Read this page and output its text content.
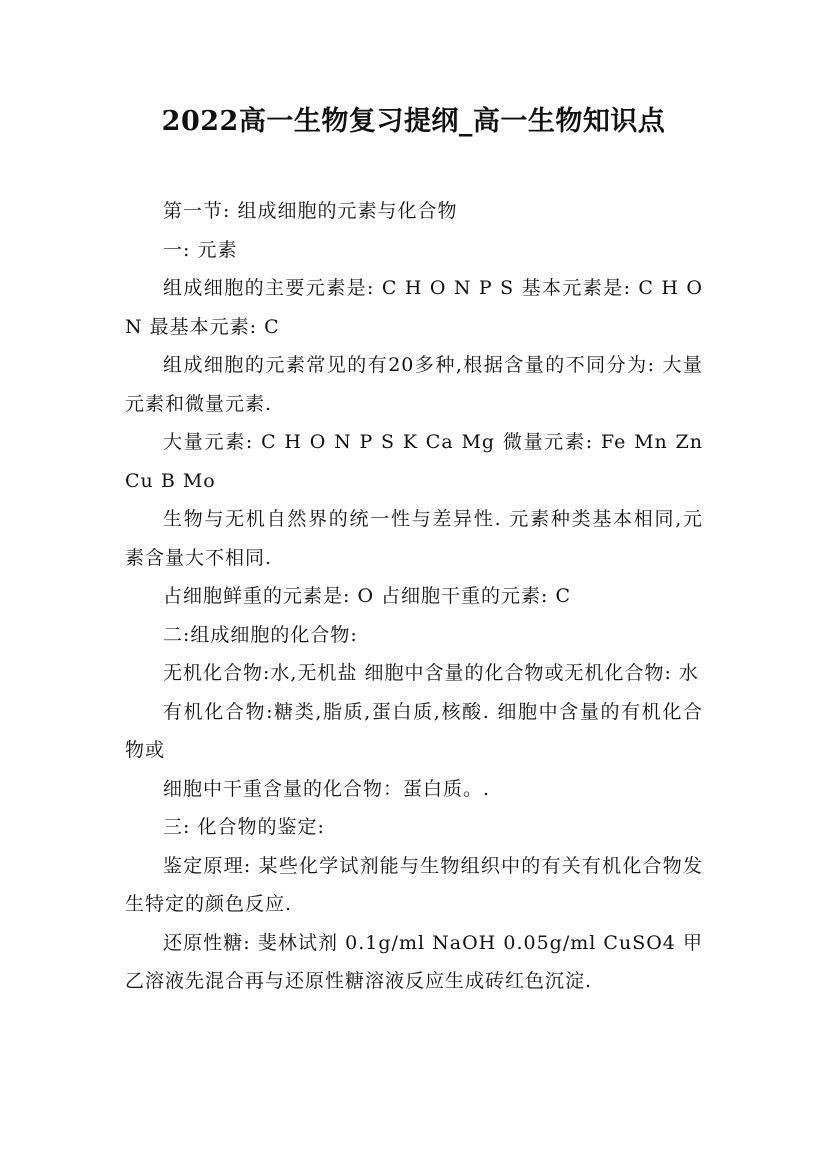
2022高一生物复习提纲_高一生物知识点

第一节: 组成细胞的元素与化合物

一: 元素

组成细胞的主要元素是: C H O N P S 基本元素是: C H O N 最基本元素: C

组成细胞的元素常见的有20多种,根据含量的不同分为: 大量元素和微量元素.

大量元素: C H O N P S K Ca Mg 微量元素: Fe Mn Zn Cu B Mo

生物与无机自然界的统一性与差异性. 元素种类基本相同,元素含量大不相同.

占细胞鲜重的元素是: O 占细胞干重的元素: C

二:组成细胞的化合物:

无机化合物:水,无机盐 细胞中含量的化合物或无机化合物: 水

有机化合物:糖类,脂质,蛋白质,核酸. 细胞中含量的有机化合物或

细胞中干重含量的化合物：蛋白质。.

三: 化合物的鉴定:

鉴定原理: 某些化学试剂能与生物组织中的有关有机化合物发生特定的颜色反应.

还原性糖: 斐林试剂 0.1g/ml NaOH 0.05g/ml CuSO4 甲乙溶液先混合再与还原性糖溶液反应生成砖红色沉淀.
